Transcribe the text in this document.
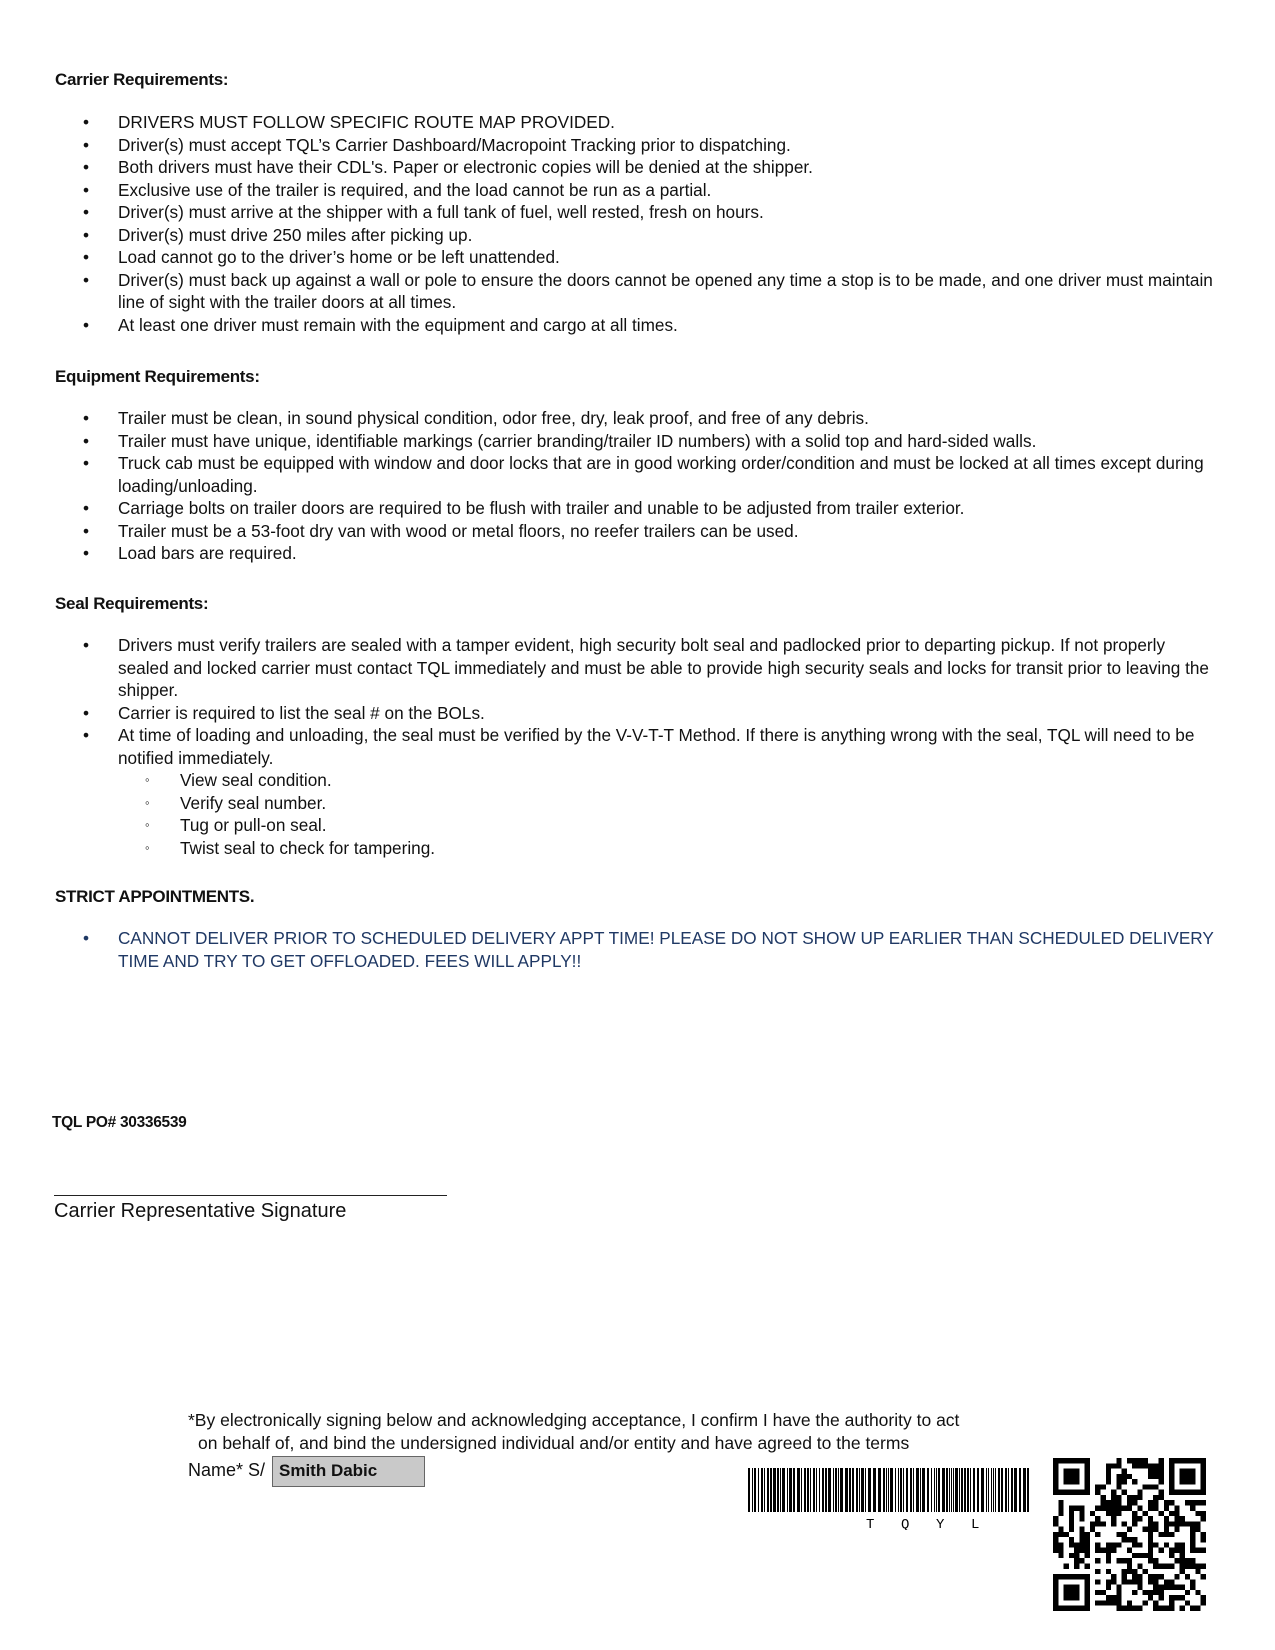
Carrier Requirements:

• DRIVERS MUST FOLLOW SPECIFIC ROUTE MAP PROVIDED.
• Driver(s) must accept TQL’s Carrier Dashboard/Macropoint Tracking prior to dispatching.
• Both drivers must have their CDL's. Paper or electronic copies will be denied at the shipper.
• Exclusive use of the trailer is required, and the load cannot be run as a partial.
• Driver(s) must arrive at the shipper with a full tank of fuel, well rested, fresh on hours.
• Driver(s) must drive 250 miles after picking up.
• Load cannot go to the driver’s home or be left unattended.
• Driver(s) must back up against a wall or pole to ensure the doors cannot be opened any time a stop is to be made, and one driver must maintain line of sight with the trailer doors at all times.
• At least one driver must remain with the equipment and cargo at all times.

Equipment Requirements:

• Trailer must be clean, in sound physical condition, odor free, dry, leak proof, and free of any debris.
• Trailer must have unique, identifiable markings (carrier branding/trailer ID numbers) with a solid top and hard-sided walls.
• Truck cab must be equipped with window and door locks that are in good working order/condition and must be locked at all times except during loading/unloading.
• Carriage bolts on trailer doors are required to be flush with trailer and unable to be adjusted from trailer exterior.
• Trailer must be a 53-foot dry van with wood or metal floors, no reefer trailers can be used.
• Load bars are required.

Seal Requirements:

• Drivers must verify trailers are sealed with a tamper evident, high security bolt seal and padlocked prior to departing pickup. If not properly sealed and locked carrier must contact TQL immediately and must be able to provide high security seals and locks for transit prior to leaving the shipper.
• Carrier is required to list the seal # on the BOLs.
• At time of loading and unloading, the seal must be verified by the V-V-T-T Method. If there is anything wrong with the seal, TQL will need to be notified immediately.
◦ View seal condition.
◦ Verify seal number.
◦ Tug or pull-on seal.
◦ Twist seal to check for tampering.

STRICT APPOINTMENTS.

• CANNOT DELIVER PRIOR TO SCHEDULED DELIVERY APPT TIME! PLEASE DO NOT SHOW UP EARLIER THAN SCHEDULED DELIVERY TIME AND TRY TO GET OFFLOADED. FEES WILL APPLY!!
TQL PO# 30336539
Carrier Representative Signature
*By electronically signing below and acknowledging acceptance, I confirm I have the authority to act
on behalf of, and bind the undersigned individual and/or entity and have agreed to the terms
Name* S/ Smith Dabic
T Q Y L
